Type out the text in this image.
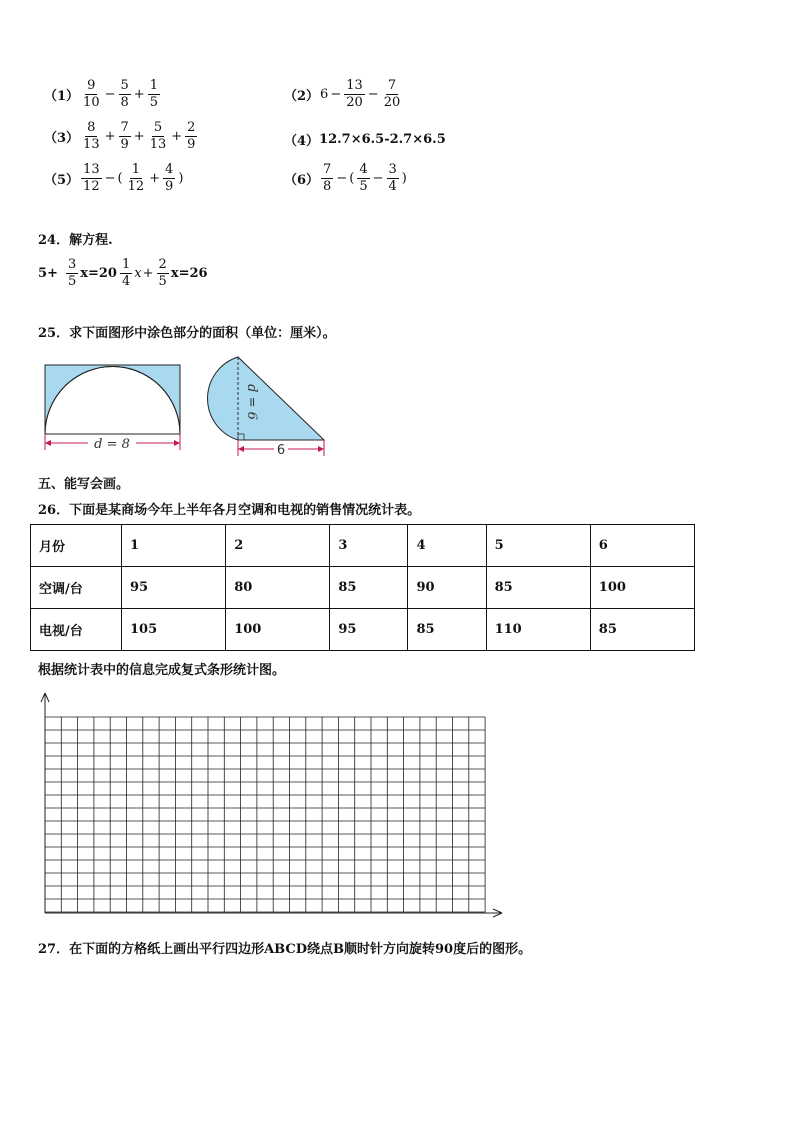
$(1) \frac{9}{10} - \frac{5}{8} + \frac{1}{5}$	（2） $6 - \frac{13}{20} - \frac{7}{20}$
$(3) \frac{8}{13} + \frac{7}{9} + \frac{5}{13} + \frac{2}{9}$	（4） 12.7×6.5-2.7×6.5
$(5) \frac{13}{12}$ − ( $\frac{1}{12} + \frac{4}{9}$ )	$(6) \frac{7}{8}$ − ( $\frac{4}{5} - \frac{3}{4}$ )
24．解方程.
$5+ \frac{3}{5} x=20 \frac{1}{4}$ $x + \frac{2}{5} x=26$
25．求下面图形中涂色部分的面积（单位：厘米）。
d = 8
d = 6
6
五、能写会画。
26．下面是某商场今年上半年各月空调和电视的销售情况统计表。
月份	1	2	3	4	5	6
空调/台	95	80	85	90	85	100
电视/台	105	100	95	85	110	85
根据统计表中的信息完成复式条形统计图。
27．在下面的方格纸上画出平行四边形ABCD绕点B顺时针方向旋转90度后的图形。
